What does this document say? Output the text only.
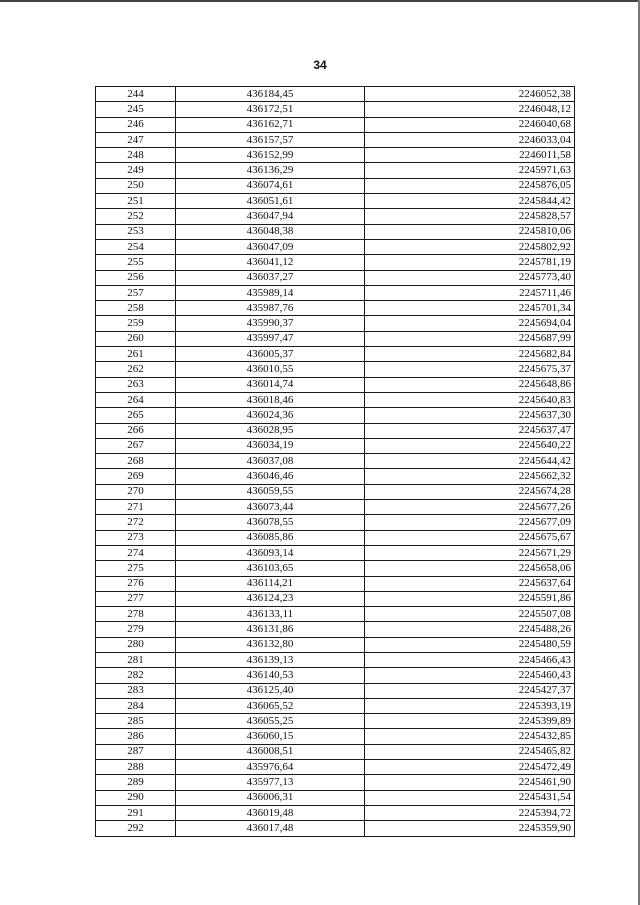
34
244	436184,45	2246052,38
245	436172,51	2246048,12
246	436162,71	2246040,68
247	436157,57	2246033,04
248	436152,99	2246011,58
249	436136,29	2245971,63
250	436074,61	2245876,05
251	436051,61	2245844,42
252	436047,94	2245828,57
253	436048,38	2245810,06
254	436047,09	2245802,92
255	436041,12	2245781,19
256	436037,27	2245773,40
257	435989,14	2245711,46
258	435987,76	2245701,34
259	435990,37	2245694,04
260	435997,47	2245687,99
261	436005,37	2245682,84
262	436010,55	2245675,37
263	436014,74	2245648,86
264	436018,46	2245640,83
265	436024,36	2245637,30
266	436028,95	2245637,47
267	436034,19	2245640,22
268	436037,08	2245644,42
269	436046,46	2245662,32
270	436059,55	2245674,28
271	436073,44	2245677,26
272	436078,55	2245677,09
273	436085,86	2245675,67
274	436093,14	2245671,29
275	436103,65	2245658,06
276	436114,21	2245637,64
277	436124,23	2245591,86
278	436133,11	2245507,08
279	436131,86	2245488,26
280	436132,80	2245480,59
281	436139,13	2245466,43
282	436140,53	2245460,43
283	436125,40	2245427,37
284	436065,52	2245393,19
285	436055,25	2245399,89
286	436060,15	2245432,85
287	436008,51	2245465,82
288	435976,64	2245472,49
289	435977,13	2245461,90
290	436006,31	2245431,54
291	436019,48	2245394,72
292	436017,48	2245359,90
